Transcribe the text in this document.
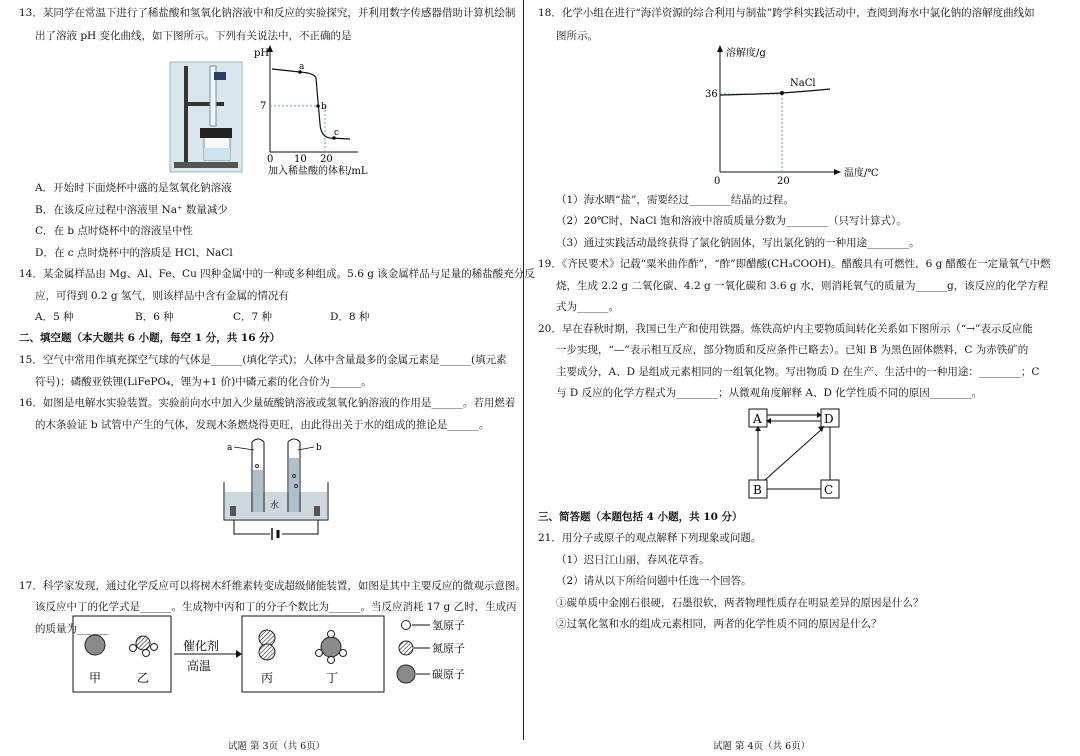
13．某同学在常温下进行了稀盐酸和氢氧化钠溶液中和反应的实验探究，并利用数字传感器借助计算机绘制
出了溶液 pH 变化曲线，如下图所示。下列有关说法中，不正确的是
pH
7
0 10 20
a
b
c
加入稀盐酸的体积/mL
A．开始时下面烧杯中盛的是氢氧化钠溶液
B．在该反应过程中溶液里 Na⁺ 数量减少
C．在 b 点时烧杯中的溶液呈中性
D．在 c 点时烧杯中的溶质是 HCl、NaCl
14．某金属样品由 Mg、Al、Fe、Cu 四种金属中的一种或多种组成。5.6 g 该金属样品与足量的稀盐酸充分反
应，可得到 0.2 g 氢气，则该样品中含有金属的情况有
A．5 种	B．6 种	C．7 种	D．8 种
二、填空题（本大题共 6 小题，每空 1 分，共 16 分）
15．空气中常用作填充探空气球的气体是______(填化学式)；人体中含量最多的金属元素是______(填元素
符号)；磷酸亚铁锂(LiFePO₄，锂为+1 价)中磷元素的化合价为______。
16．如图是电解水实验装置。实验前向水中加入少量硫酸钠溶液或氢氧化钠溶液的作用是______。若用燃着
的木条验证 b 试管中产生的气体，发现木条燃烧得更旺，由此得出关于水的组成的推论是______。
a	b
水
17．科学家发现，通过化学反应可以将树木纤维素转变成超级储能装置，如图是其中主要反应的微观示意图。
该反应中丁的化学式是______。生成物中丙和丁的分子个数比为______。当反应消耗 17 g 乙时，生成丙
的质量为______
甲	乙
催化剂
高温
丙	丁
氢原子
氮原子
碳原子
试题 第 3页（共 6页）
18．化学小组在进行“海洋资源的综合利用与制盐”跨学科实践活动中，查阅到海水中氯化钠的溶解度曲线如
图所示。
溶解度/g
36
0	20
温度/℃
NaCl
（1）海水晒“盐”，需要经过________结晶的过程。
（2）20℃时，NaCl 饱和溶液中溶质质量分数为________（只写计算式）。
（3）通过实践活动最终获得了氯化钠固体，写出氯化钠的一种用途________。
19．《齐民要术》记载“粟米曲作酢”，“酢”即醋酸(CH₃COOH)。醋酸具有可燃性，6 g 醋酸在一定量氧气中燃
烧，生成 2.2 g 二氧化碳、4.2 g 一氧化碳和 3.6 g 水，则消耗氧气的质量为______g，该反应的化学方程
式为______。
20．早在春秋时期，我国已生产和使用铁器。炼铁高炉内主要物质间转化关系如下图所示（“→”表示反应能
一步实现，“—”表示相互反应，部分物质和反应条件已略去）。已知 B 为黑色固体燃料，C 为赤铁矿的
主要成分，A、D 是组成元素相同的一组氧化物。写出物质 D 在生产、生活中的一种用途：________；C
与 D 反应的化学方程式为________；从微观角度解释 A、D 化学性质不同的原因________。
A	D
B	C
三、简答题（本题包括 4 小题，共 10 分）
21．用分子或原子的观点解释下列现象或问题。
（1）迟日江山丽，春风花草香。
（2）请从以下所给问题中任选一个回答。
①碳单质中金刚石很硬，石墨很软，两者物理性质存在明显差异的原因是什么？
②过氧化氢和水的组成元素相同，两者的化学性质不同的原因是什么？
试题 第 4页（共 6页）
